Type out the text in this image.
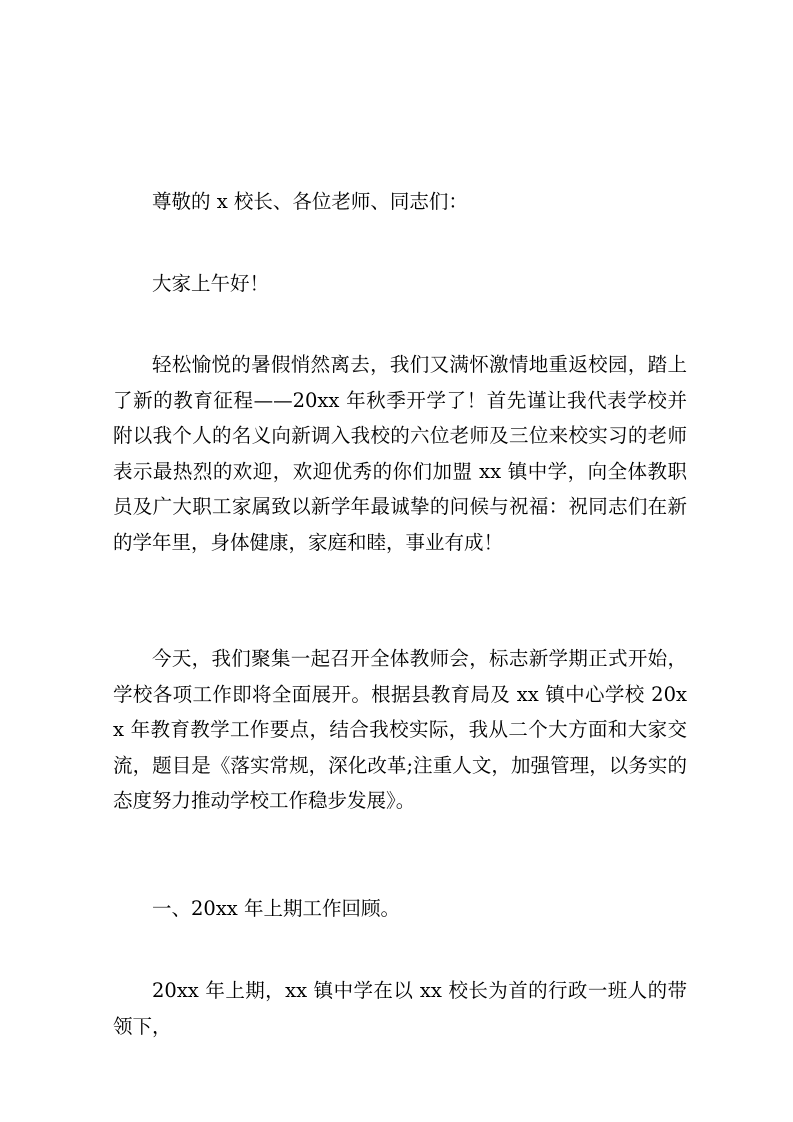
尊敬的 x 校长、各位老师、同志们：

大家上午好！

轻松愉悦的暑假悄然离去，我们又满怀激情地重返校园，踏上了新的教育征程——20xx 年秋季开学了！首先谨让我代表学校并附以我个人的名义向新调入我校的六位老师及三位来校实习的老师表示最热烈的欢迎，欢迎优秀的你们加盟 xx 镇中学，向全体教职员及广大职工家属致以新学年最诚挚的问候与祝福：祝同志们在新的学年里，身体健康，家庭和睦，事业有成！

今天，我们聚集一起召开全体教师会，标志新学期正式开始，学校各项工作即将全面展开。根据县教育局及 xx 镇中心学校 20xx 年教育教学工作要点，结合我校实际，我从二个大方面和大家交流，题目是《落实常规，深化改革;注重人文，加强管理，以务实的态度努力推动学校工作稳步发展》。

一、20xx 年上期工作回顾。

20xx 年上期，xx 镇中学在以 xx 校长为首的行政一班人的带领下，
